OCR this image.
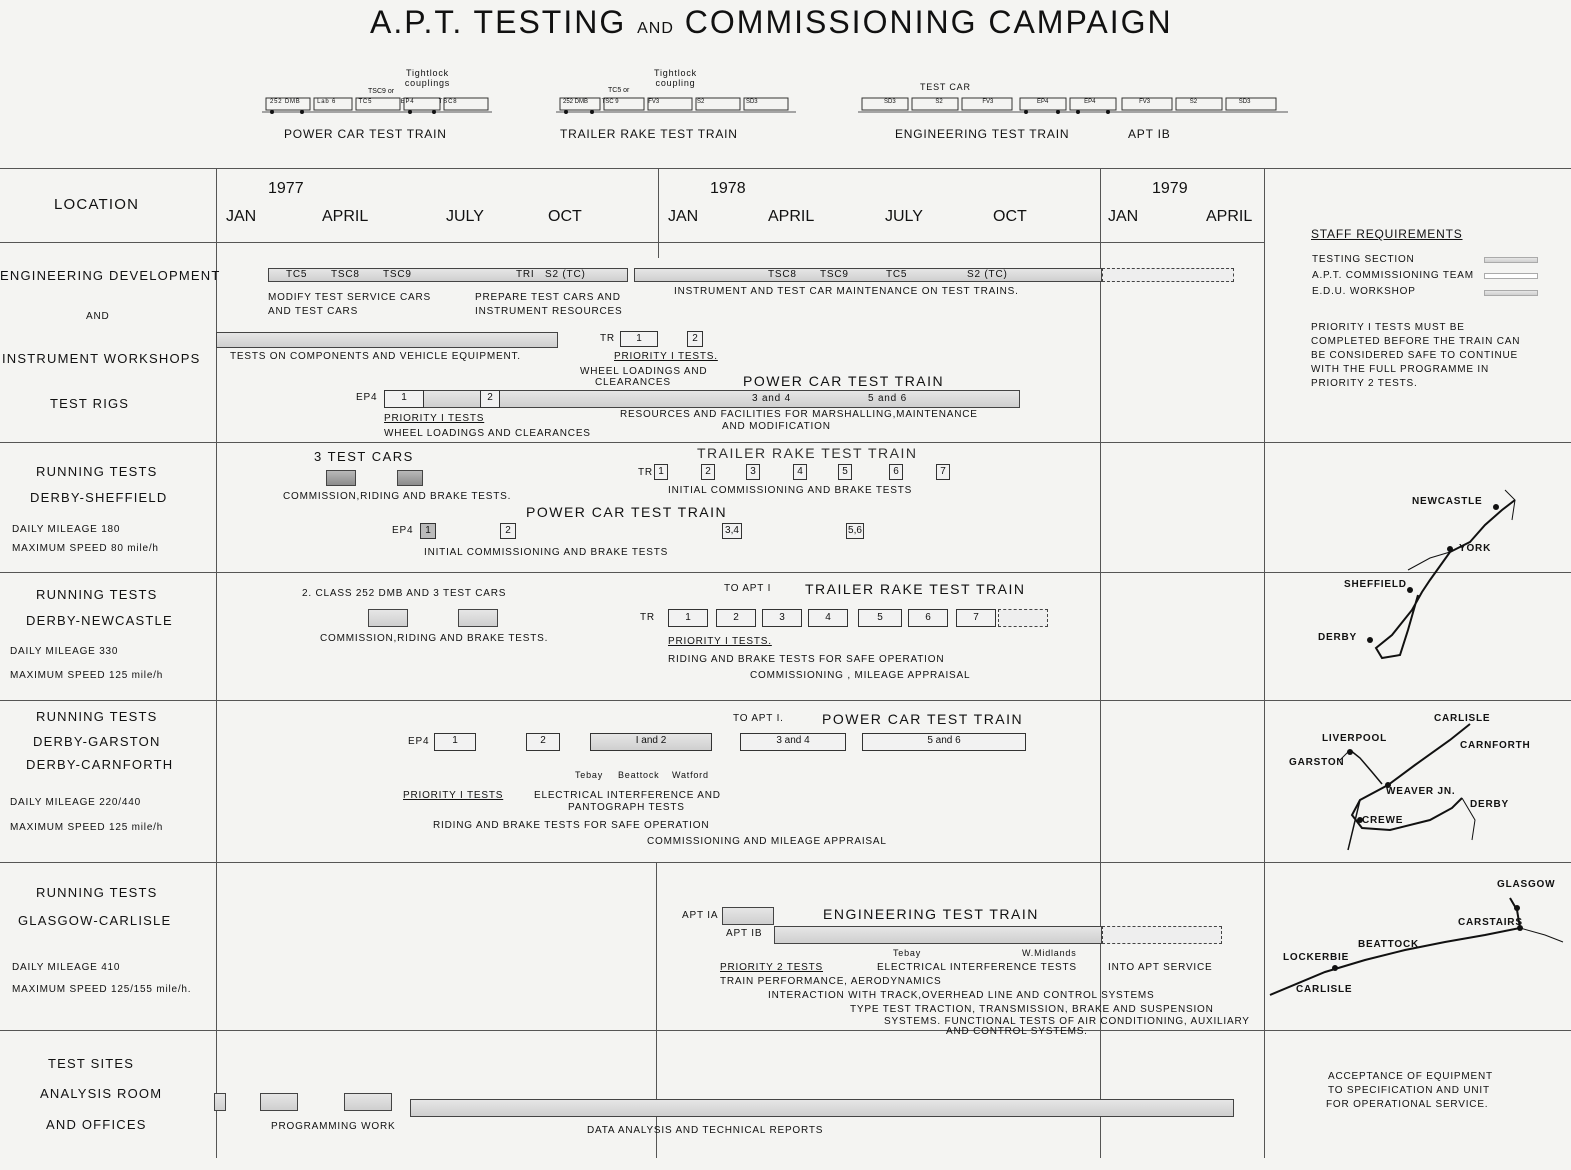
A.P.T. TESTING AND COMMISSIONING CAMPAIGN
252 DMB	Lab 6	TC5	EP4	TSC8
Tightlock couplings
TSC9 or
POWER CAR TEST TRAIN
252 DMB TSC 9	FV3	S2	SD3
Tightlock coupling
TC5 or
TRAILER RAKE TEST TRAIN
SD3	S2	FV3	EP4	EP4	FV3	S2	SD3
TEST CAR
ENGINEERING TEST TRAIN	APT IB
LOCATION
1977	1978	1979
JAN	APRIL	JULY	OCT	JAN	APRIL	JULY	OCT	JAN	APRIL
ENGINEERING DEVELOPMENT
AND
INSTRUMENT WORKSHOPS
TEST RIGS
TC5 TSC8 TSC9	TRI S2 (TC)	TSC8 TSC9	TC5	S2 (TC)
MODIFY TEST SERVICE CARS
AND TEST CARS
PREPARE TEST CARS AND
INSTRUMENT RESOURCES
INSTRUMENT AND TEST CAR MAINTENANCE ON TEST TRAINS.
TESTS ON COMPONENTS AND VEHICLE EQUIPMENT.
TR	1	2
PRIORITY I TESTS.
WHEEL LOADINGS AND
CLEARANCES	POWER CAR TEST TRAIN
EP4	1	2	3 and 4	5 and 6
PRIORITY I TESTS
WHEEL LOADINGS AND CLEARANCES
RESOURCES AND FACILITIES FOR MARSHALLING,MAINTENANCE
AND MODIFICATION
RUNNING TESTS
DERBY-SHEFFIELD
DAILY MILEAGE 180
MAXIMUM SPEED 80 mile/h
3 TEST CARS
COMMISSION,RIDING AND BRAKE TESTS.
TRAILER RAKE TEST TRAIN
TR 1	2	3	4	5	6	7
INITIAL COMMISSIONING AND BRAKE TESTS
POWER CAR TEST TRAIN
EP4	1	2	3,4	5,6
INITIAL COMMISSIONING AND BRAKE TESTS
RUNNING TESTS
DERBY-NEWCASTLE
DAILY MILEAGE 330
MAXIMUM SPEED 125 mile/h
2. CLASS 252 DMB AND 3 TEST CARS
COMMISSION,RIDING AND BRAKE TESTS.
TO APT I TRAILER RAKE TEST TRAIN
TR	1	2	3	4	5	6	7
PRIORITY I TESTS.
RIDING AND BRAKE TESTS FOR SAFE OPERATION
COMMISSIONING , MILEAGE APPRAISAL
RUNNING TESTS
DERBY-GARSTON
DERBY-CARNFORTH
DAILY MILEAGE 220/440
MAXIMUM SPEED 125 mile/h
EP4	1	2	I and 2	3 and 4	5 and 6
TO APT I.	POWER CAR TEST TRAIN
Tebay Beattock Watford
PRIORITY I TESTS	ELECTRICAL INTERFERENCE AND
PANTOGRAPH TESTS
RIDING AND BRAKE TESTS FOR SAFE OPERATION
COMMISSIONING AND MILEAGE APPRAISAL
RUNNING TESTS
GLASGOW-CARLISLE
DAILY MILEAGE 410
MAXIMUM SPEED 125/155 mile/h.
APT IA
APT IB
ENGINEERING TEST TRAIN
Tebay	W.Midlands
PRIORITY 2 TESTS	ELECTRICAL INTERFERENCE TESTS	INTO APT SERVICE
TRAIN PERFORMANCE, AERODYNAMICS
INTERACTION WITH TRACK,OVERHEAD LINE AND CONTROL SYSTEMS
TYPE TEST TRACTION, TRANSMISSION, BRAKE AND SUSPENSION
SYSTEMS. FUNCTIONAL TESTS OF AIR CONDITIONING, AUXILIARY
AND CONTROL SYSTEMS.
TEST SITES
ANALYSIS ROOM
AND OFFICES	PROGRAMMING WORK	DATA ANALYSIS AND TECHNICAL REPORTS
STAFF REQUIREMENTS
TESTING SECTION
A.P.T. COMMISSIONING TEAM
E.D.U. WORKSHOP
PRIORITY I TESTS MUST BE
COMPLETED BEFORE THE TRAIN CAN
BE CONSIDERED SAFE TO CONTINUE
WITH THE FULL PROGRAMME IN
PRIORITY 2 TESTS.
NEWCASTLE
YORK
SHEFFIELD
DERBY
CARLISLE
LIVERPOOL
CARNFORTH
GARSTON
WEAVER JN.
DERBY
CREWE
GLASGOW
CARSTAIRS
BEATTOCK
LOCKERBIE
CARLISLE
ACCEPTANCE OF EQUIPMENT
TO SPECIFICATION AND UNIT
FOR OPERATIONAL SERVICE.
